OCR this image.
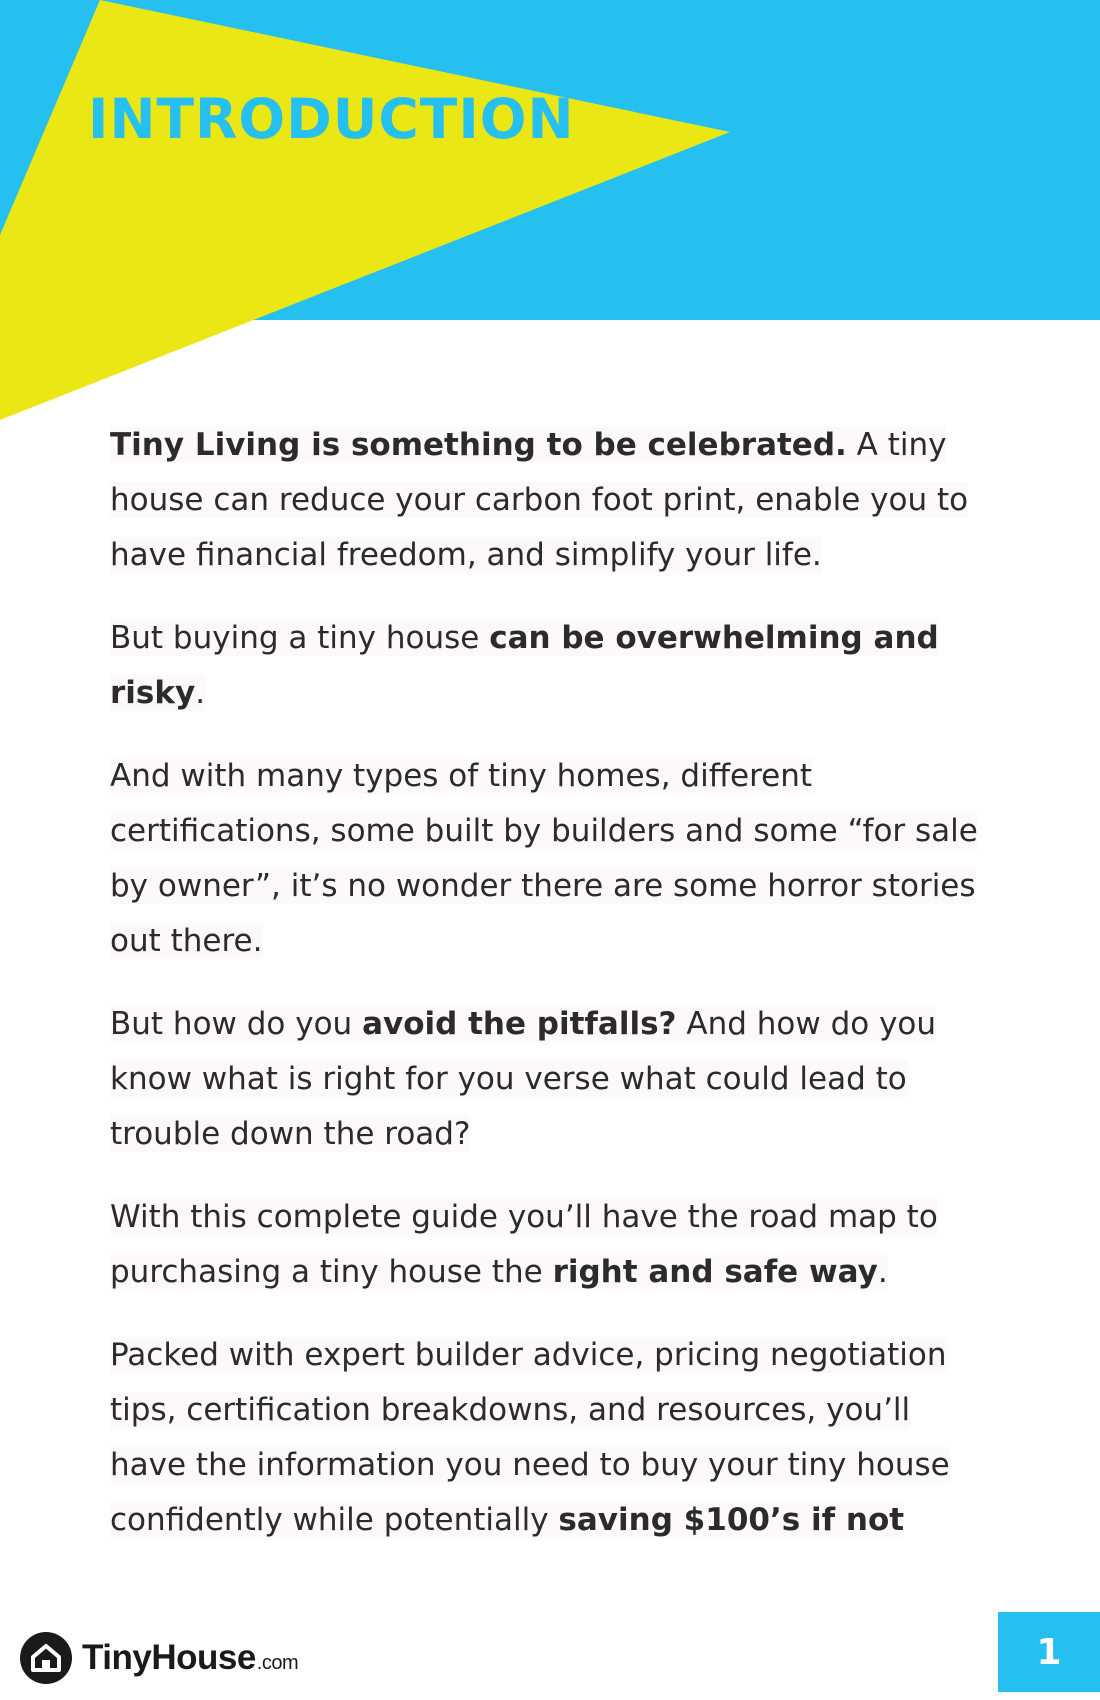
INTRODUCTION

Tiny Living is something to be celebrated. A tiny house can reduce your carbon foot print, enable you to have financial freedom, and simplify your life.

But buying a tiny house can be overwhelming and risky.

And with many types of tiny homes, different certifications, some built by builders and some “for sale by owner”, it’s no wonder there are some horror stories out there.

But how do you avoid the pitfalls? And how do you know what is right for you verse what could lead to trouble down the road?

With this complete guide you’ll have the road map to purchasing a tiny house the right and safe way.

Packed with expert builder advice, pricing negotiation tips, certification breakdowns, and resources, you’ll have the information you need to buy your tiny house confidently while potentially saving $100’s if not

TinyHouse.com	1
